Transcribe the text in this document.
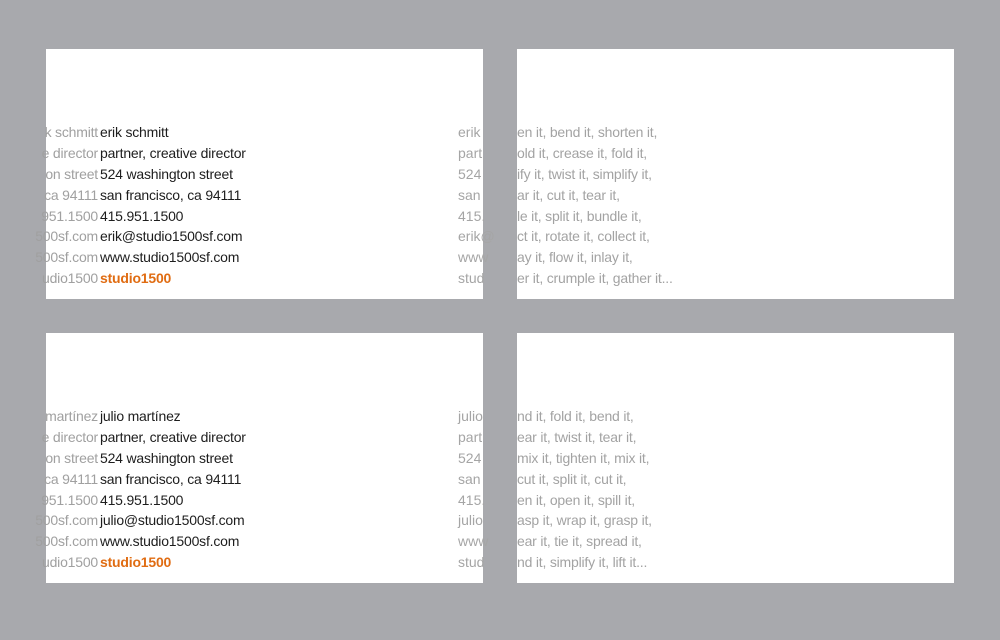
k schmitt
e director
on street
ca 94111
951.1500
500sf.com
500sf.com
udio1500
erik schmitt
partner, creative director
524 washington street
san francisco, ca 94111
415.951.1500
erik@studio1500sf.com
www.studio1500sf.com
studio1500
erik
part
524
san
415.
erik@
www
stud
en it, bend it, shorten it,
old it, crease it, fold it,
ify it, twist it, simplify it,
ar it, cut it, tear it,
le it, split it, bundle it,
ct it, rotate it, collect it,
ay it, flow it, inlay it,
er it, crumple it, gather it...
martínez
e director
on street
ca 94111
951.1500
500sf.com
500sf.com
udio1500
julio martínez
partner, creative director
524 washington street
san francisco, ca 94111
415.951.1500
julio@studio1500sf.com
www.studio1500sf.com
studio1500
julio
part
524
san
415.
julio
www
stud
nd it, fold it, bend it,
ear it, twist it, tear it,
mix it, tighten it, mix it,
cut it, split it, cut it,
en it, open it, spill it,
asp it, wrap it, grasp it,
ear it, tie it, spread it,
nd it, simplify it, lift it...
